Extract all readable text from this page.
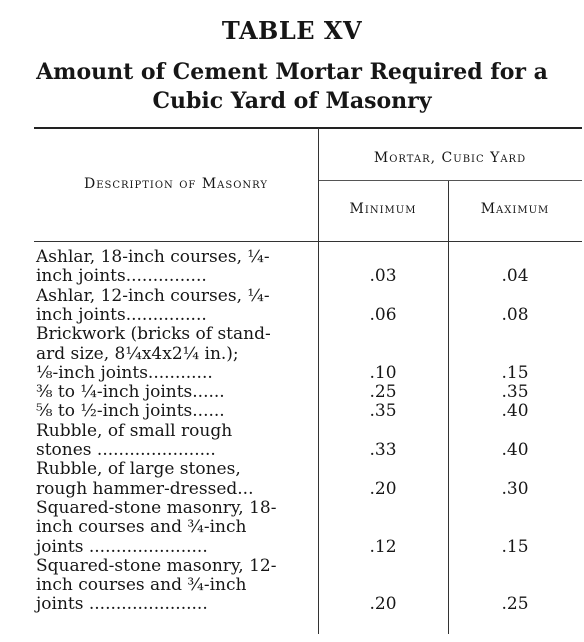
TABLE XV
Amount of Cement Mortar Required for a Cubic Yard of Masonry
Description of Masonry
Mortar, Cubic Yard
Minimum	Maximum
Ashlar, 18-inch courses, ¼-
inch joints...............	.03	.04
Ashlar, 12-inch courses, ¼-
inch joints...............	.06	.08
Brickwork (bricks of stand-
ard size, 8¼x4x2¼ in.);
⅛-inch joints............	.10	.15
⅜ to ¼-inch joints......	.25	.35
⅝ to ½-inch joints......	.35	.40
Rubble, of small rough
stones ......................	.33	.40
Rubble, of large stones,
rough hammer-dressed...	.20	.30
Squared-stone masonry, 18-
inch courses and ¾-inch
joints ......................	.12	.15
Squared-stone masonry, 12-
inch courses and ¾-inch
joints ......................	.20	.25
